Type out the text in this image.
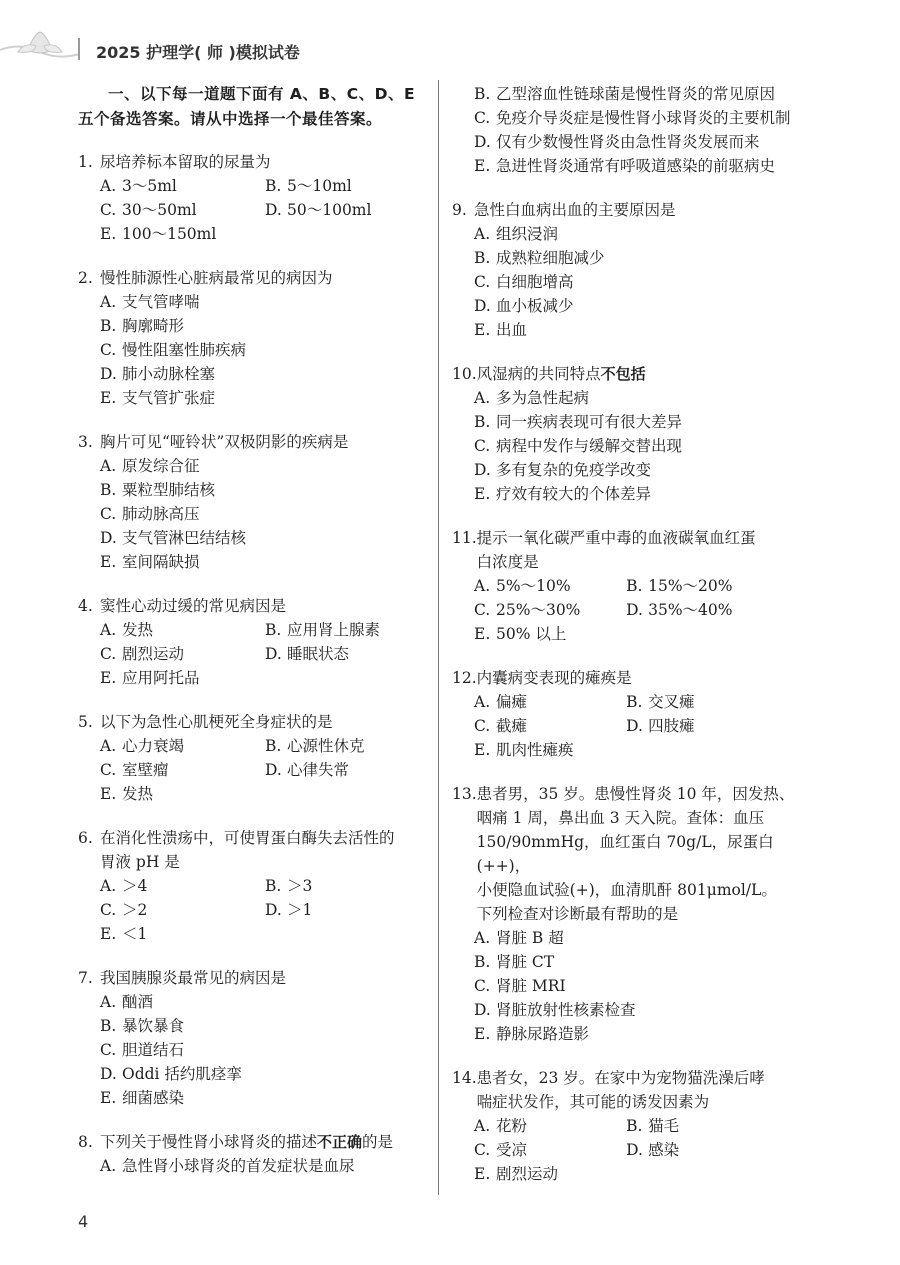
2025 护理学( 师 )模拟试卷
一、以下每一道题下面有 A、B、C、D、E 五个备选答案。请从中选择一个最佳答案。
1. 尿培养标本留取的尿量为
A. 3～5ml	B. 5～10ml
C. 30～50ml	D. 50～100ml
E. 100～150ml
2. 慢性肺源性心脏病最常见的病因为
A. 支气管哮喘
B. 胸廓畸形
C. 慢性阻塞性肺疾病
D. 肺小动脉栓塞
E. 支气管扩张症
3. 胸片可见“哑铃状”双极阴影的疾病是
A. 原发综合征
B. 粟粒型肺结核
C. 肺动脉高压
D. 支气管淋巴结结核
E. 室间隔缺损
4. 窦性心动过缓的常见病因是
A. 发热	B. 应用肾上腺素
C. 剧烈运动	D. 睡眠状态
E. 应用阿托品
5. 以下为急性心肌梗死全身症状的是
A. 心力衰竭	B. 心源性休克
C. 室壁瘤	D. 心律失常
E. 发热
6. 在消化性溃疡中，可使胃蛋白酶失去活性的
胃液 pH 是
A. ＞4	B. ＞3
C. ＞2	D. ＞1
E. ＜1
7. 我国胰腺炎最常见的病因是
A. 酗酒
B. 暴饮暴食
C. 胆道结石
D. Oddi 括约肌痉挛
E. 细菌感染
8. 下列关于慢性肾小球肾炎的描述不正确的是
A. 急性肾小球肾炎的首发症状是血尿
B. 乙型溶血性链球菌是慢性肾炎的常见原因
C. 免疫介导炎症是慢性肾小球肾炎的主要机制
D. 仅有少数慢性肾炎由急性肾炎发展而来
E. 急进性肾炎通常有呼吸道感染的前驱病史
9. 急性白血病出血的主要原因是
A. 组织浸润
B. 成熟粒细胞减少
C. 白细胞增高
D. 血小板减少
E. 出血
10. 风湿病的共同特点不包括
A. 多为急性起病
B. 同一疾病表现可有很大差异
C. 病程中发作与缓解交替出现
D. 多有复杂的免疫学改变
E. 疗效有较大的个体差异
11. 提示一氧化碳严重中毒的血液碳氧血红蛋
白浓度是
A. 5%～10%	B. 15%～20%
C. 25%～30%	D. 35%～40%
E. 50% 以上
12. 内囊病变表现的瘫痪是
A. 偏瘫	B. 交叉瘫
C. 截瘫	D. 四肢瘫
E. 肌肉性瘫痪
13. 患者男，35 岁。患慢性肾炎 10 年，因发热、
咽痛 1 周，鼻出血 3 天入院。查体：血压
150/90mmHg，血红蛋白 70g/L，尿蛋白(++)，
小便隐血试验(+)，血清肌酐 801μmol/L。
下列检查对诊断最有帮助的是
A. 肾脏 B 超
B. 肾脏 CT
C. 肾脏 MRI
D. 肾脏放射性核素检查
E. 静脉尿路造影
14. 患者女，23 岁。在家中为宠物猫洗澡后哮
喘症状发作，其可能的诱发因素为
A. 花粉	B. 猫毛
C. 受凉	D. 感染
E. 剧烈运动
4
